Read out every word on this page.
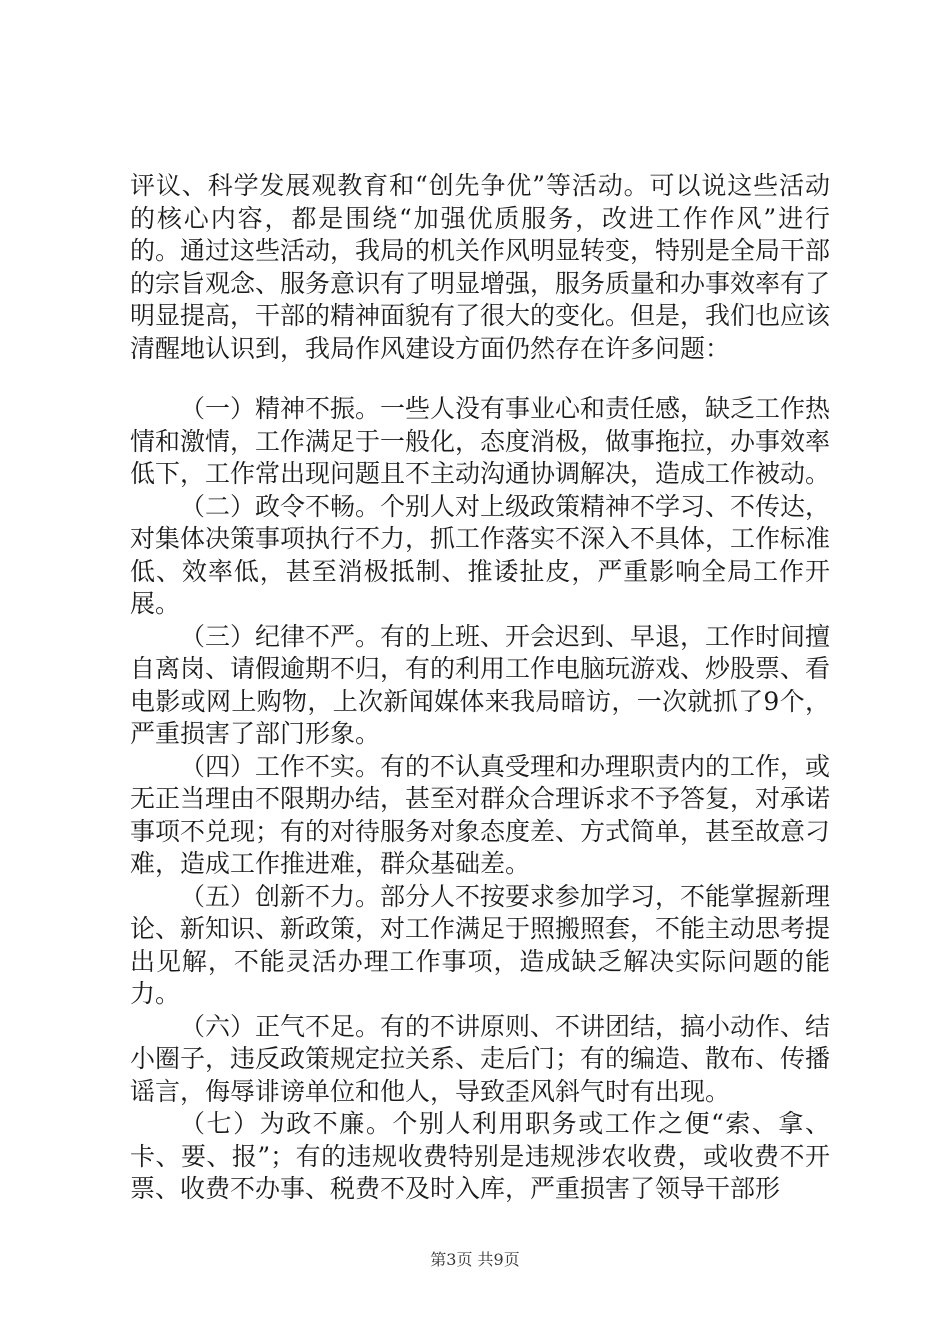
评议、科学发展观教育和“创先争优”等活动。可以说这些活动的核心内容，都是围绕“加强优质服务，改进工作作风”进行的。通过这些活动，我局的机关作风明显转变，特别是全局干部的宗旨观念、服务意识有了明显增强，服务质量和办事效率有了明显提高，干部的精神面貌有了很大的变化。但是，我们也应该清醒地认识到，我局作风建设方面仍然存在许多问题：

（一）精神不振。一些人没有事业心和责任感，缺乏工作热情和激情，工作满足于一般化，态度消极，做事拖拉，办事效率低下，工作常出现问题且不主动沟通协调解决，造成工作被动。

（二）政令不畅。个别人对上级政策精神不学习、不传达，对集体决策事项执行不力，抓工作落实不深入不具体，工作标准低、效率低，甚至消极抵制、推诿扯皮，严重影响全局工作开展。

（三）纪律不严。有的上班、开会迟到、早退，工作时间擅自离岗、请假逾期不归，有的利用工作电脑玩游戏、炒股票、看电影或网上购物，上次新闻媒体来我局暗访，一次就抓了9个，严重损害了部门形象。

（四）工作不实。有的不认真受理和办理职责内的工作，或无正当理由不限期办结，甚至对群众合理诉求不予答复，对承诺事项不兑现；有的对待服务对象态度差、方式简单，甚至故意刁难，造成工作推进难，群众基础差。

（五）创新不力。部分人不按要求参加学习，不能掌握新理论、新知识、新政策，对工作满足于照搬照套，不能主动思考提出见解，不能灵活办理工作事项，造成缺乏解决实际问题的能力。

（六）正气不足。有的不讲原则、不讲团结，搞小动作、结小圈子，违反政策规定拉关系、走后门；有的编造、散布、传播谣言，侮辱诽谤单位和他人，导致歪风斜气时有出现。

（七）为政不廉。个别人利用职务或工作之便“索、拿、卡、要、报”；有的违规收费特别是违规涉农收费，或收费不开票、收费不办事、税费不及时入库，严重损害了领导干部形

第3页 共9页
